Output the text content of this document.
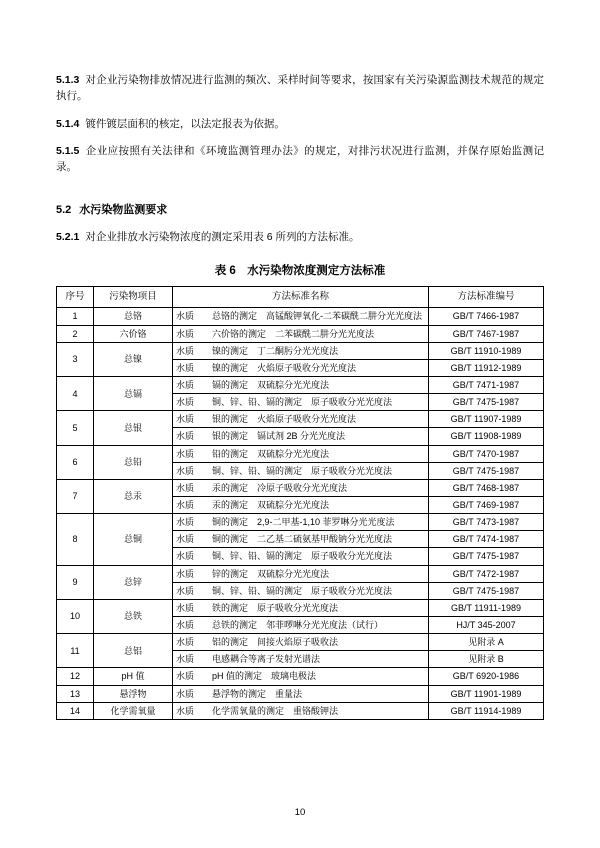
5.1.3 对企业污染物排放情况进行监测的频次、采样时间等要求，按国家有关污染源监测技术规范的规定执行。

5.1.4 镀件镀层面积的核定，以法定报表为依据。

5.1.5 企业应按照有关法律和《环境监测管理办法》的规定，对排污状况进行监测，并保存原始监测记录。

5.2 水污染物监测要求

5.2.1 对企业排放水污染物浓度的测定采用表 6 所列的方法标准。

表 6　水污染物浓度测定方法标准
序号	污染物项目	方法标准名称	方法标准编号
1	总铬	水质 总铬的测定　高锰酸钾氧化-二苯碳酰二肼分光光度法	GB/T 7466-1987
2	六价铬	水质 六价铬的测定　二苯碳酰二肼分光光度法	GB/T 7467-1987
3	总镍	水质 镍的测定　丁二酮肟分光光度法	GB/T 11910-1989
		水质 镍的测定　火焰原子吸收分光光度法	GB/T 11912-1989
4	总镉	水质 镉的测定　双硫腙分光光度法	GB/T 7471-1987
		水质 铜、锌、铅、镉的测定　原子吸收分光光度法	GB/T 7475-1987
5	总银	水质 银的测定　火焰原子吸收分光光度法	GB/T 11907-1989
		水质 银的测定　镉试剂 2B 分光光度法	GB/T 11908-1989
6	总铅	水质 铅的测定　双硫腙分光光度法	GB/T 7470-1987
		水质 铜、锌、铅、镉的测定　原子吸收分光光度法	GB/T 7475-1987
7	总汞	水质 汞的测定　冷原子吸收分光光度法	GB/T 7468-1987
		水质 汞的测定　双硫腙分光光度法	GB/T 7469-1987
8	总铜	水质 铜的测定　2,9-二甲基-1,10 菲罗啉分光光度法	GB/T 7473-1987
		水质 铜的测定　二乙基二硫氨基甲酸钠分光光度法	GB/T 7474-1987
		水质 铜、锌、铅、镉的测定　原子吸收分光光度法	GB/T 7475-1987
9	总锌	水质 锌的测定　双硫腙分光光度法	GB/T 7472-1987
		水质 铜、锌、铅、镉的测定　原子吸收分光光度法	GB/T 7475-1987
10	总铁	水质 铁的测定　原子吸收分光光度法	GB/T 11911-1989
		水质 总铁的测定　邻菲啰啉分光光度法（试行）	HJ/T 345-2007
11	总铝	水质 铝的测定　间接火焰原子吸收法	见附录 A
		水质 电感耦合等离子发射光谱法	见附录 B
12	pH 值	水质 pH 值的测定　玻璃电极法	GB/T 6920-1986
13	悬浮物	水质 悬浮物的测定　重量法	GB/T 11901-1989
14	化学需氧量	水质 化学需氧量的测定　重铬酸钾法	GB/T 11914-1989
10
